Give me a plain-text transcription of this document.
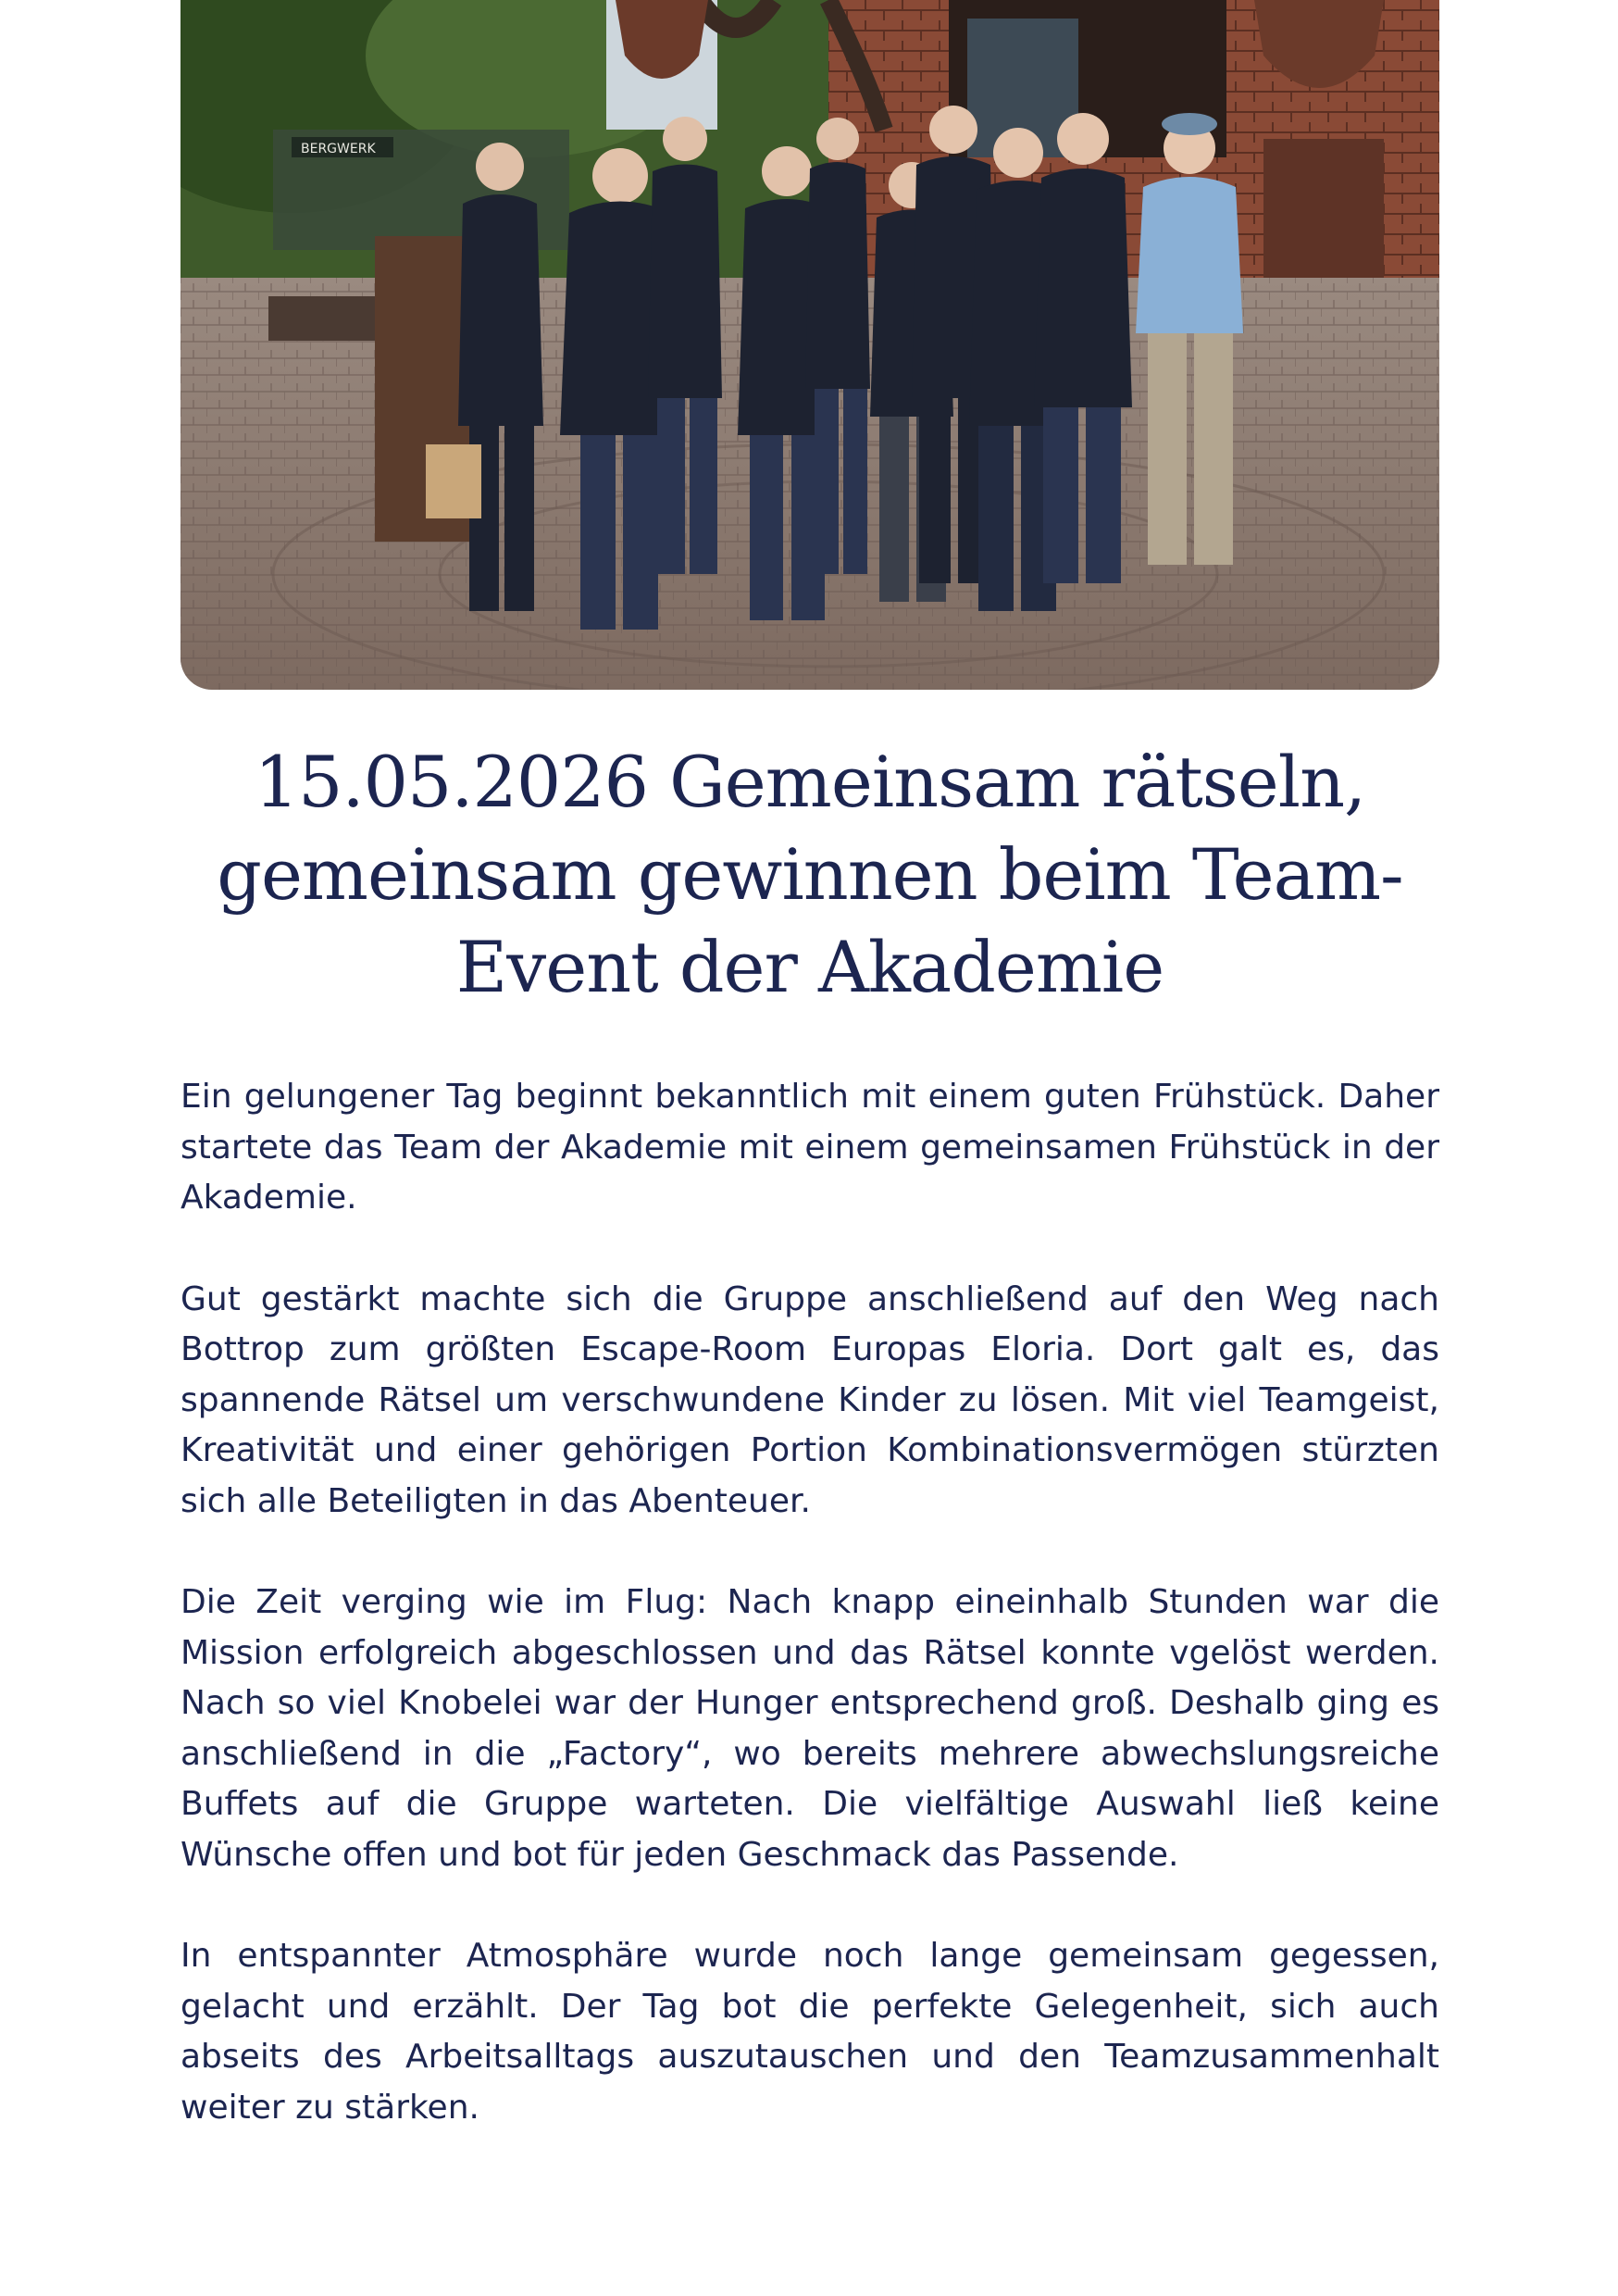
BERGWERK
15.05.2026 Gemeinsam rätseln, gemeinsam gewinnen beim Team-Event der Akademie

Ein gelungener Tag beginnt bekanntlich mit einem guten Frühstück. Daher startete das Team der Akademie mit einem gemeinsamen Frühstück in der Akademie.

Gut gestärkt machte sich die Gruppe anschließend auf den Weg nach Bottrop zum größten Escape-Room Europas Eloria. Dort galt es, das spannende Rätsel um verschwundene Kinder zu lösen. Mit viel Teamgeist, Kreativität und einer gehörigen Portion Kombinationsvermögen stürzten sich alle Beteiligten in das Abenteuer.

Die Zeit verging wie im Flug: Nach knapp eineinhalb Stunden war die Mission erfolgreich abgeschlossen und das Rätsel konnte vgelöst werden. Nach so viel Knobelei war der Hunger entsprechend groß. Deshalb ging es anschließend in die „Factory“, wo bereits mehrere abwechslungsreiche Buffets auf die Gruppe warteten. Die vielfältige Auswahl ließ keine Wünsche offen und bot für jeden Geschmack das Passende.

In entspannter Atmosphäre wurde noch lange gemeinsam gegessen, gelacht und erzählt. Der Tag bot die perfekte Gelegenheit, sich auch abseits des Arbeitsalltags auszutauschen und den Teamzusammenhalt weiter zu stärken.
